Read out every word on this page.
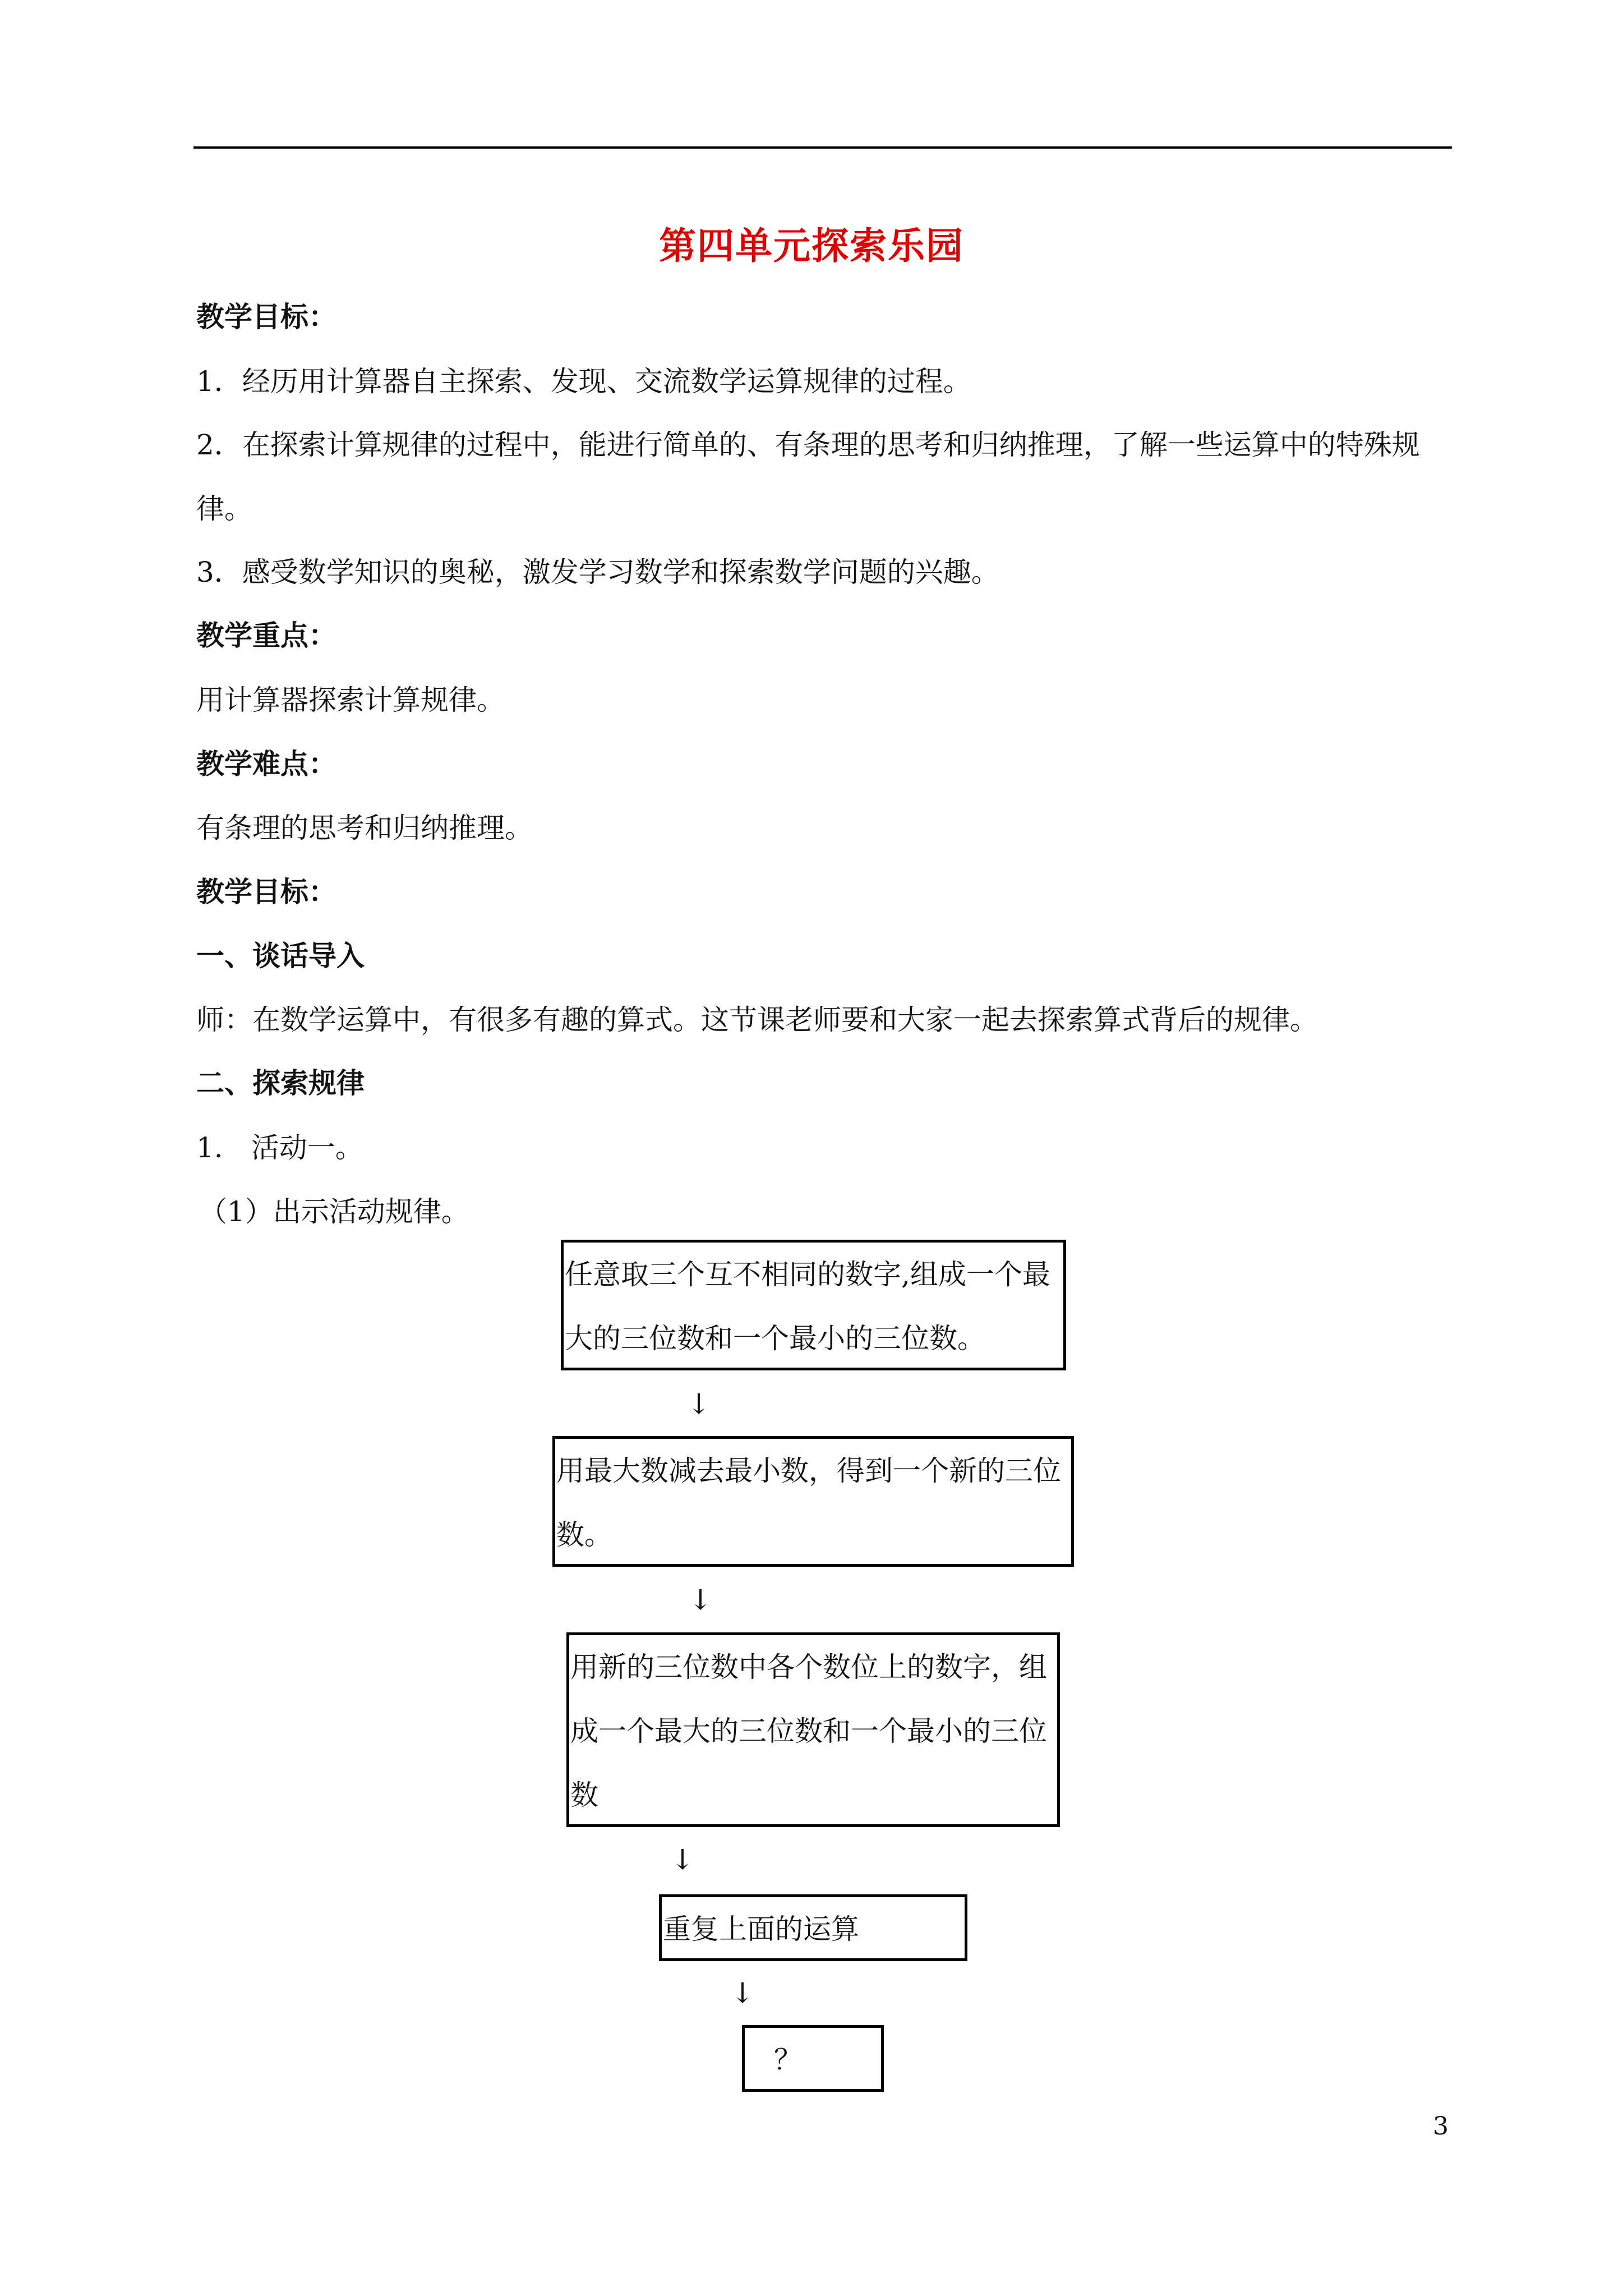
第四单元探索乐园
教学目标：
1．经历用计算器自主探索、发现、交流数学运算规律的过程。
2．在探索计算规律的过程中，能进行简单的、有条理的思考和归纳推理，了解一些运算中的特殊规
律。
3．感受数学知识的奥秘，激发学习数学和探索数学问题的兴趣。
教学重点：
用计算器探索计算规律。
教学难点：
有条理的思考和归纳推理。
教学目标：
一、谈话导入
师：在数学运算中，有很多有趣的算式。这节课老师要和大家一起去探索算式背后的规律。
二、探索规律
1.　活动一。
（1）出示活动规律。
任意取三个互不相同的数字,组成一个最
大的三位数和一个最小的三位数。
↓
用最大数减去最小数，得到一个新的三位
数。
↓
用新的三位数中各个数位上的数字，组
成一个最大的三位数和一个最小的三位
数
↓
重复上面的运算
↓
？
3
